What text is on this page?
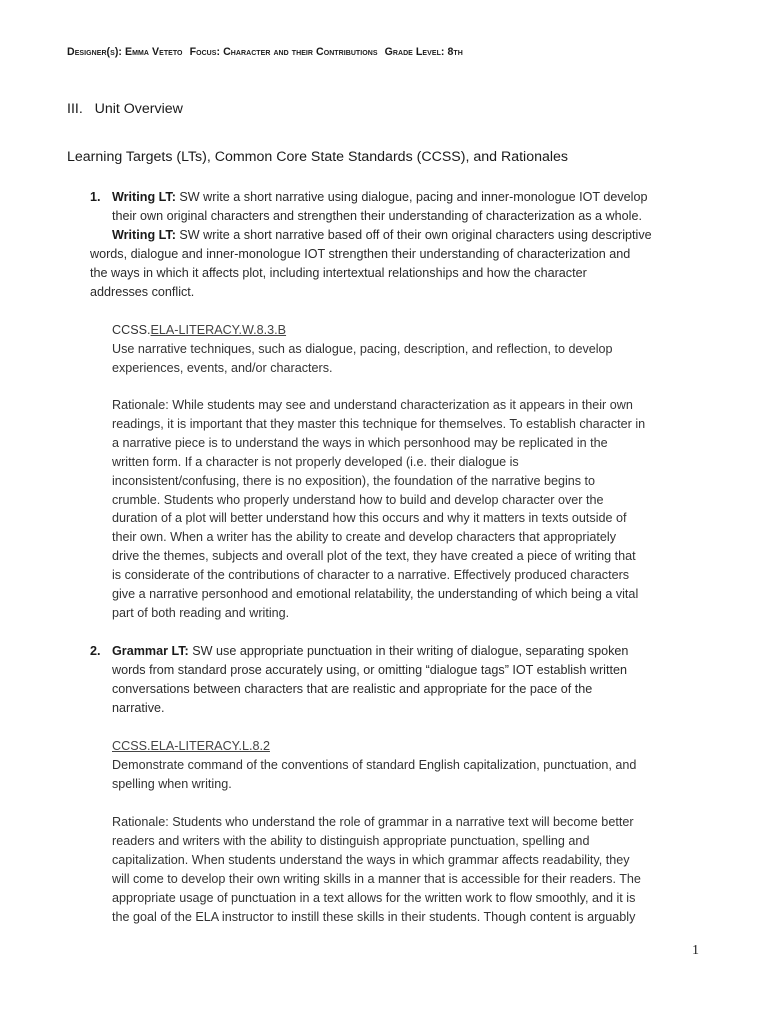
Designer(s): Emma Veteto Focus: Character and their Contributions Grade Level: 8th
III.   Unit Overview
Learning Targets (LTs), Common Core State Standards (CCSS), and Rationales
1. Writing LT: SW write a short narrative using dialogue, pacing and inner-monologue IOT develop
their own original characters and strengthen their understanding of characterization as a whole.
Writing LT: SW write a short narrative based off of their own original characters using descriptive
words, dialogue and inner-monologue IOT strengthen their understanding of characterization and
the ways in which it affects plot, including intertextual relationships and how the character
addresses conflict.
CCSS.ELA-LITERACY.W.8.3.B
Use narrative techniques, such as dialogue, pacing, description, and reflection, to develop
experiences, events, and/or characters.
Rationale: While students may see and understand characterization as it appears in their own
readings, it is important that they master this technique for themselves. To establish character in
a narrative piece is to understand the ways in which personhood may be replicated in the
written form. If a character is not properly developed (i.e. their dialogue is
inconsistent/confusing, there is no exposition), the foundation of the narrative begins to
crumble. Students who properly understand how to build and develop character over the
duration of a plot will better understand how this occurs and why it matters in texts outside of
their own. When a writer has the ability to create and develop characters that appropriately
drive the themes, subjects and overall plot of the text, they have created a piece of writing that
is considerate of the contributions of character to a narrative. Effectively produced characters
give a narrative personhood and emotional relatability, the understanding of which being a vital
part of both reading and writing.
2. Grammar LT: SW use appropriate punctuation in their writing of dialogue, separating spoken
words from standard prose accurately using, or omitting “dialogue tags” IOT establish written
conversations between characters that are realistic and appropriate for the pace of the
narrative.
CCSS.ELA-LITERACY.L.8.2
Demonstrate command of the conventions of standard English capitalization, punctuation, and
spelling when writing.
Rationale: Students who understand the role of grammar in a narrative text will become better
readers and writers with the ability to distinguish appropriate punctuation, spelling and
capitalization. When students understand the ways in which grammar affects readability, they
will come to develop their own writing skills in a manner that is accessible for their readers. The
appropriate usage of punctuation in a text allows for the written work to flow smoothly, and it is
the goal of the ELA instructor to instill these skills in their students. Though content is arguably
1
